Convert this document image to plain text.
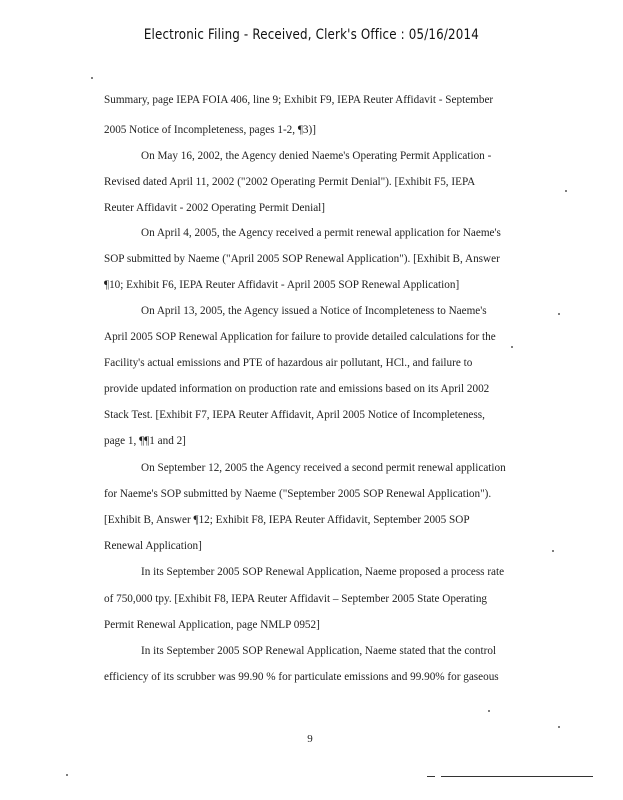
Electronic Filing - Received, Clerk's Office : 05/16/2014
Summary, page IEPA FOIA 406, line 9; Exhibit F9, IEPA Reuter Affidavit - September
2005 Notice of Incompleteness, pages 1-2, ¶3)]
On May 16, 2002, the Agency denied Naeme's Operating Permit Application -
Revised dated April 11, 2002 ("2002 Operating Permit Denial"). [Exhibit F5, IEPA
Reuter Affidavit - 2002 Operating Permit Denial]
On April 4, 2005, the Agency received a permit renewal application for Naeme's
SOP submitted by Naeme ("April 2005 SOP Renewal Application"). [Exhibit B, Answer
¶10; Exhibit F6, IEPA Reuter Affidavit - April 2005 SOP Renewal Application]
On April 13, 2005, the Agency issued a Notice of Incompleteness to Naeme's
April 2005 SOP Renewal Application for failure to provide detailed calculations for the
Facility's actual emissions and PTE of hazardous air pollutant, HCl., and failure to
provide updated information on production rate and emissions based on its April 2002
Stack Test. [Exhibit F7, IEPA Reuter Affidavit, April 2005 Notice of Incompleteness,
page 1, ¶¶1 and 2]
On September 12, 2005 the Agency received a second permit renewal application
for Naeme's SOP submitted by Naeme ("September 2005 SOP Renewal Application").
[Exhibit B, Answer ¶12; Exhibit F8, IEPA Reuter Affidavit, September 2005 SOP
Renewal Application]
In its September 2005 SOP Renewal Application, Naeme proposed a process rate
of 750,000 tpy. [Exhibit F8, IEPA Reuter Affidavit – September 2005 State Operating
Permit Renewal Application, page NMLP 0952]
In its September 2005 SOP Renewal Application, Naeme stated that the control
efficiency of its scrubber was 99.90 % for particulate emissions and 99.90% for gaseous
9
